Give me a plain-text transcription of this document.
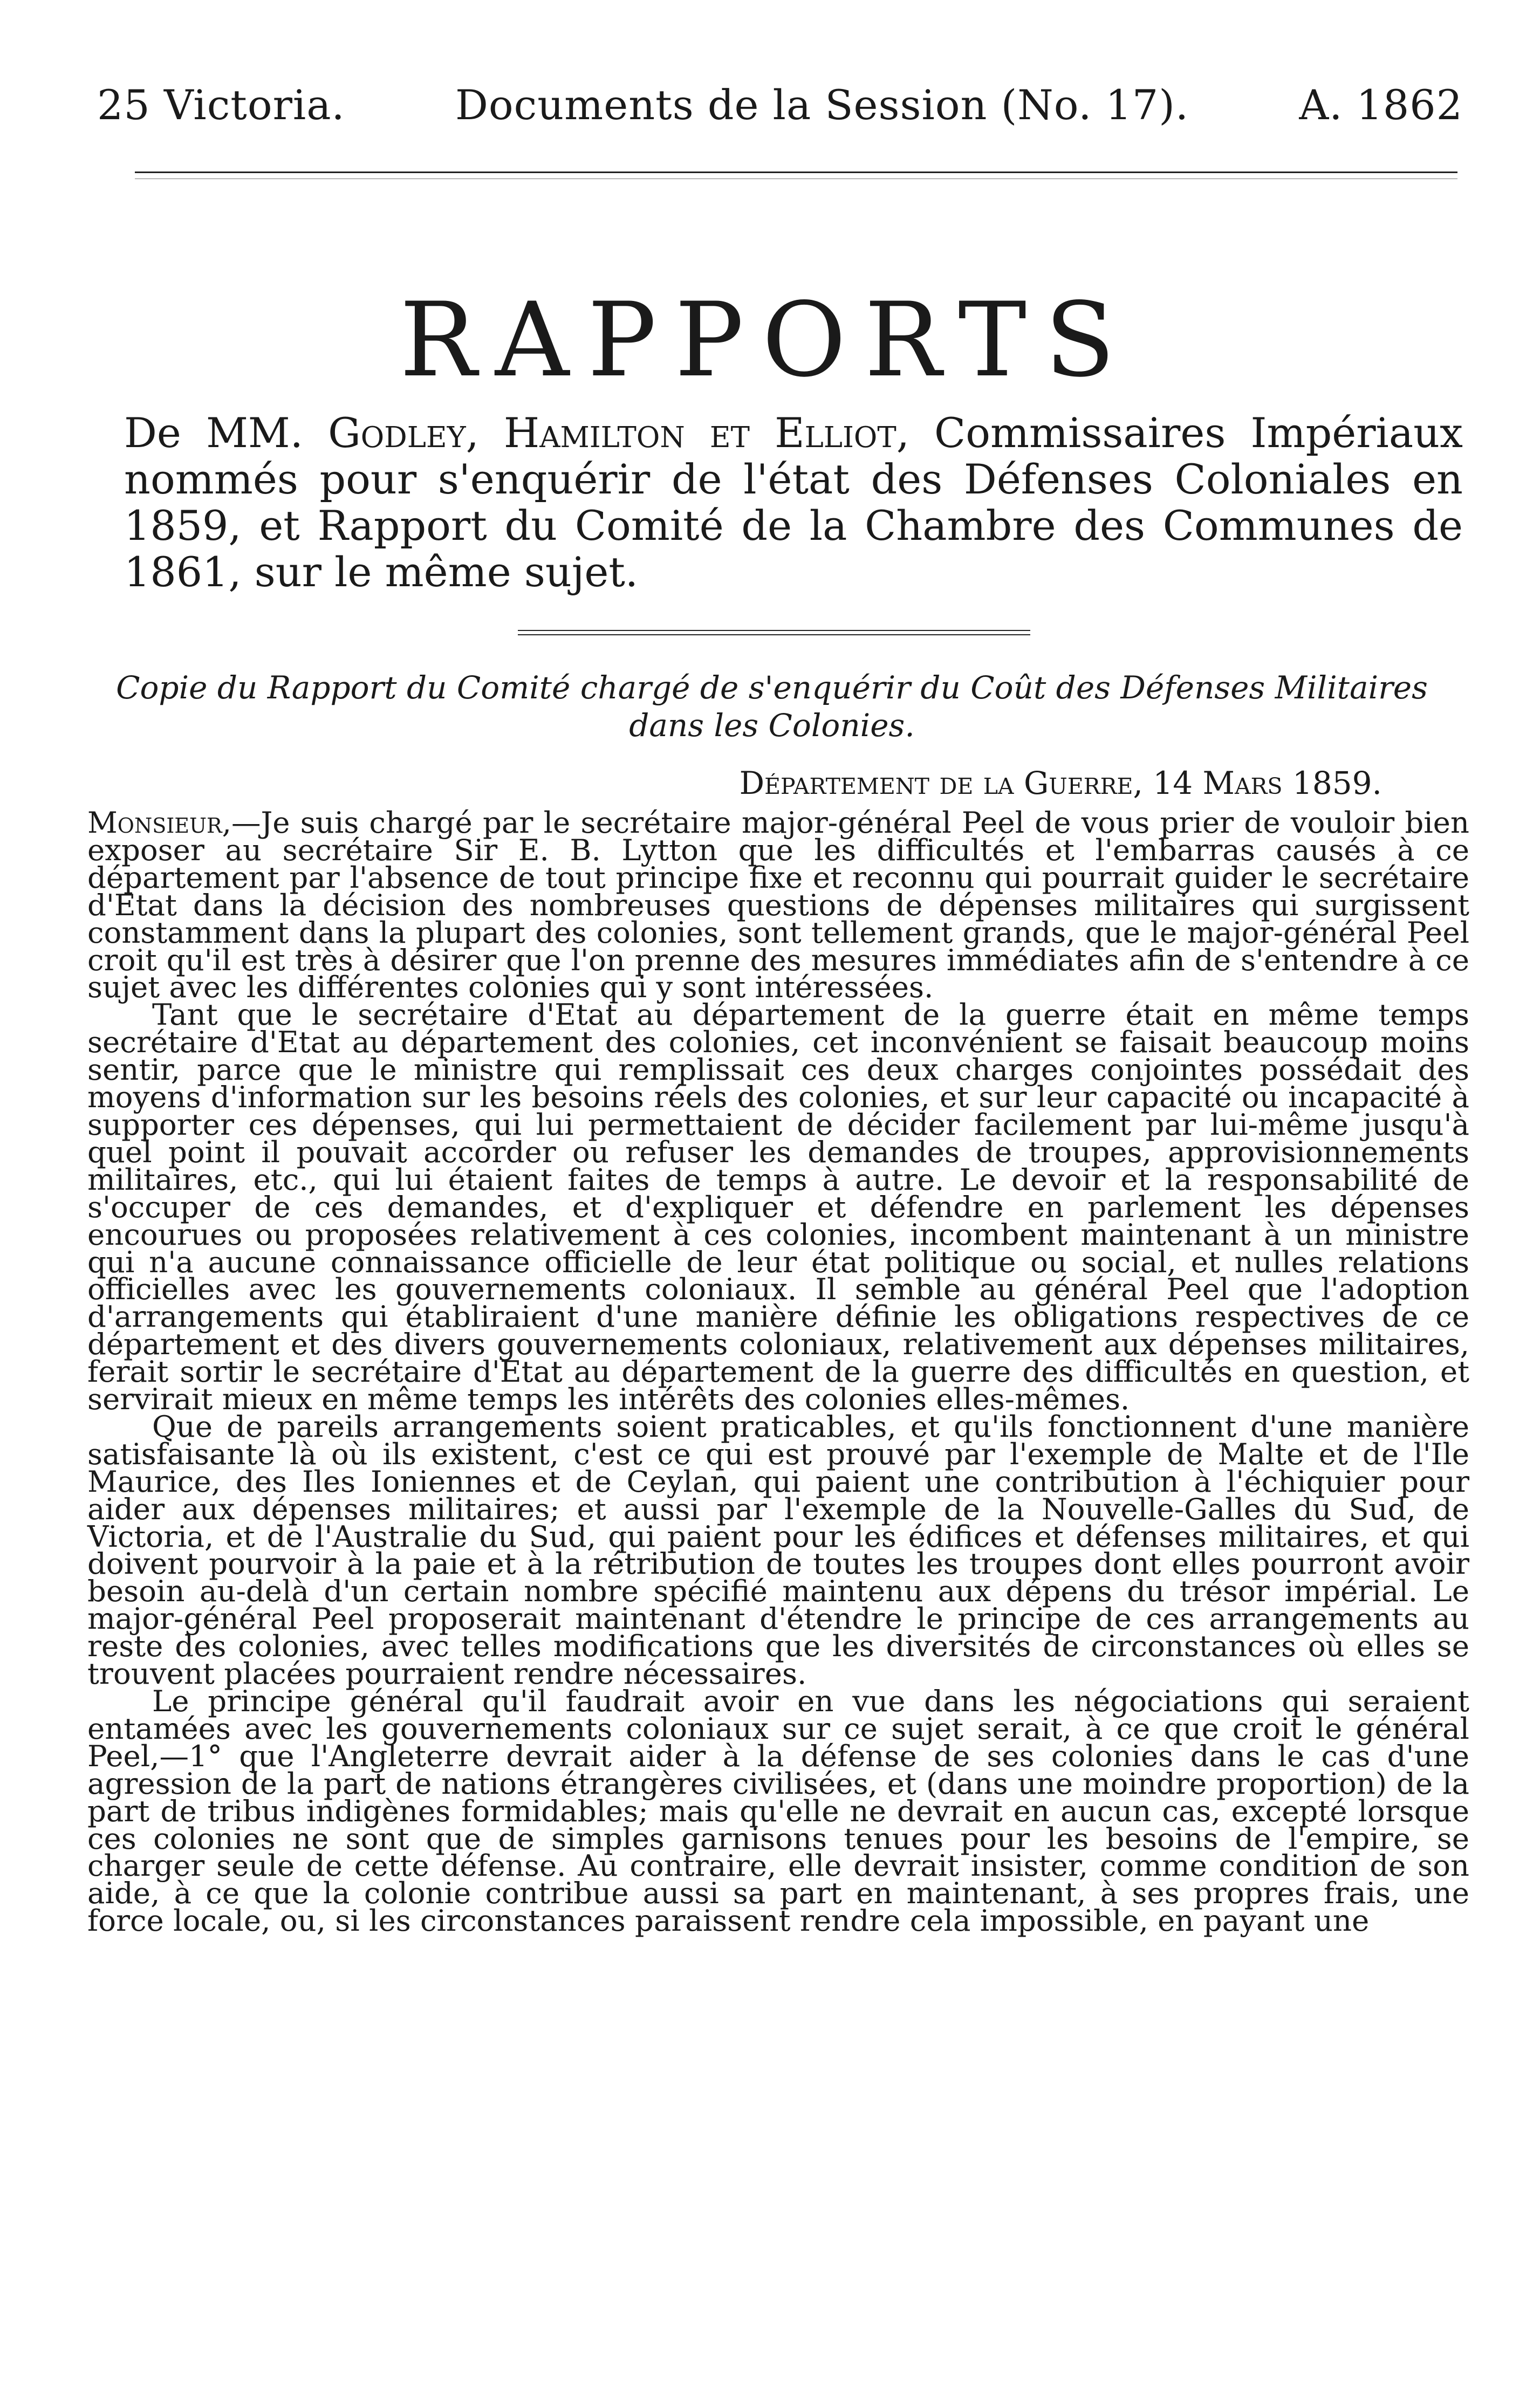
25 Victoria.	Documents de la Session (No. 17).	A. 1862
RAPPORTS
De MM. Godley, Hamilton et Elliot, Commissaires Impériaux nommés pour s'enquérir de l'état des Défenses Coloniales en 1859, et Rapport du Comité de la Chambre des Communes de 1861, sur le même sujet.
Copie du Rapport du Comité chargé de s'enquérir du Coût des Défenses Militaires dans les Colonies.
Département de la Guerre, 14 Mars 1859.

Monsieur,—Je suis chargé par le secrétaire major-général Peel de vous prier de vouloir bien exposer au secrétaire Sir E. B. Lytton que les difficultés et l'embarras causés à ce département par l'absence de tout principe fixe et reconnu qui pourrait guider le secrétaire d'Etat dans la décision des nombreuses questions de dépenses militaires qui surgissent constamment dans la plupart des colonies, sont tellement grands, que le major-général Peel croit qu'il est très à désirer que l'on prenne des mesures immédiates afin de s'entendre à ce sujet avec les différentes colonies qui y sont intéressées.

Tant que le secrétaire d'Etat au département de la guerre était en même temps secrétaire d'Etat au département des colonies, cet inconvénient se faisait beaucoup moins sentir, parce que le ministre qui remplissait ces deux charges conjointes possédait des moyens d'information sur les besoins réels des colonies, et sur leur capacité ou incapacité à supporter ces dépenses, qui lui permettaient de décider facilement par lui-même jusqu'à quel point il pouvait accorder ou refuser les demandes de troupes, approvisionnements militaires, etc., qui lui étaient faites de temps à autre. Le devoir et la responsabilité de s'occuper de ces demandes, et d'expliquer et défendre en parlement les dépenses encourues ou proposées relativement à ces colonies, incombent maintenant à un ministre qui n'a aucune connaissance officielle de leur état politique ou social, et nulles relations officielles avec les gouvernements coloniaux. Il semble au général Peel que l'adoption d'arrangements qui établiraient d'une manière définie les obligations respectives de ce département et des divers gouvernements coloniaux, relativement aux dépenses militaires, ferait sortir le secrétaire d'Etat au département de la guerre des difficultés en question, et servirait mieux en même temps les intérêts des colonies elles-mêmes.

Que de pareils arrangements soient praticables, et qu'ils fonctionnent d'une manière satisfaisante là où ils existent, c'est ce qui est prouvé par l'exemple de Malte et de l'Ile Maurice, des Iles Ioniennes et de Ceylan, qui paient une contribution à l'échiquier pour aider aux dépenses militaires; et aussi par l'exemple de la Nouvelle-Galles du Sud, de Victoria, et de l'Australie du Sud, qui paient pour les édifices et défenses militaires, et qui doivent pourvoir à la paie et à la rétribution de toutes les troupes dont elles pourront avoir besoin au-delà d'un certain nombre spécifié maintenu aux dépens du trésor impérial. Le major-général Peel proposerait maintenant d'étendre le principe de ces arrangements au reste des colonies, avec telles modifications que les diversités de circonstances où elles se trouvent placées pourraient rendre nécessaires.

Le principe général qu'il faudrait avoir en vue dans les négociations qui seraient entamées avec les gouvernements coloniaux sur ce sujet serait, à ce que croit le général Peel,—1° que l'Angleterre devrait aider à la défense de ses colonies dans le cas d'une agression de la part de nations étrangères civilisées, et (dans une moindre proportion) de la part de tribus indigènes formidables; mais qu'elle ne devrait en aucun cas, excepté lorsque ces colonies ne sont que de simples garnisons tenues pour les besoins de l'empire, se charger seule de cette défense. Au contraire, elle devrait insister, comme condition de son aide, à ce que la colonie contribue aussi sa part en maintenant, à ses propres frais, une force locale, ou, si les circonstances paraissent rendre cela impossible, en payant une
